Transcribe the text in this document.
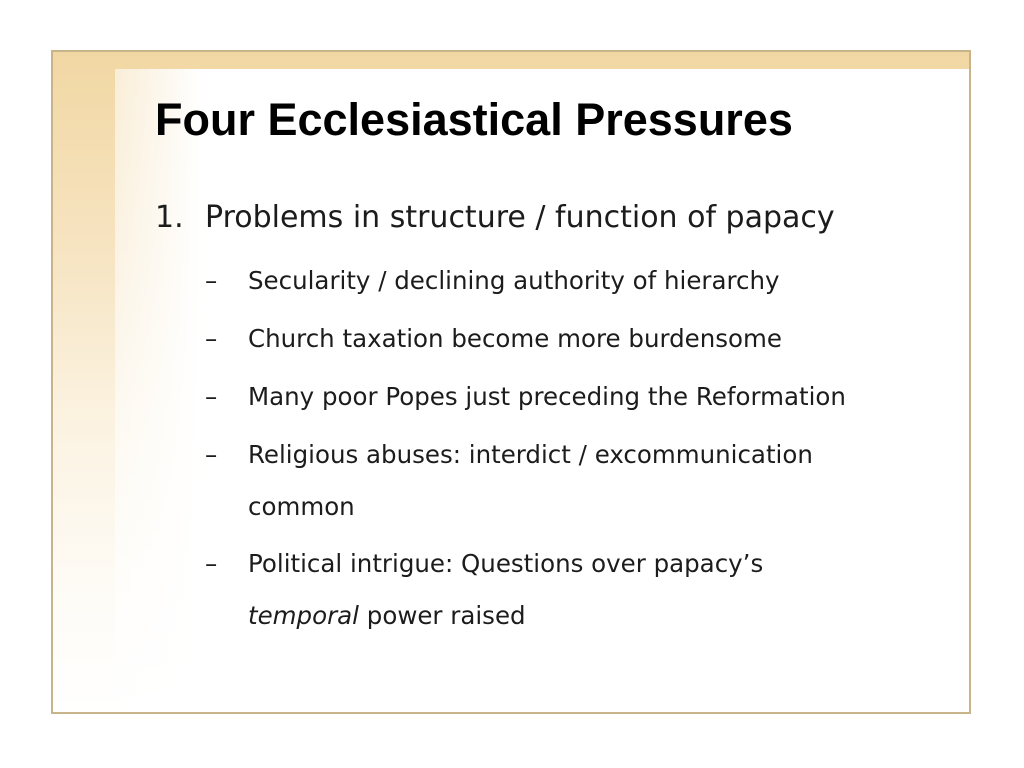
Four Ecclesiastical Pressures
1. Problems in structure / function of papacy
– Secularity / declining authority of hierarchy
– Church taxation become more burdensome
– Many poor Popes just preceding the Reformation
– Religious abuses: interdict / excommunication
common
– Political intrigue: Questions over papacy’s
temporal power raised
